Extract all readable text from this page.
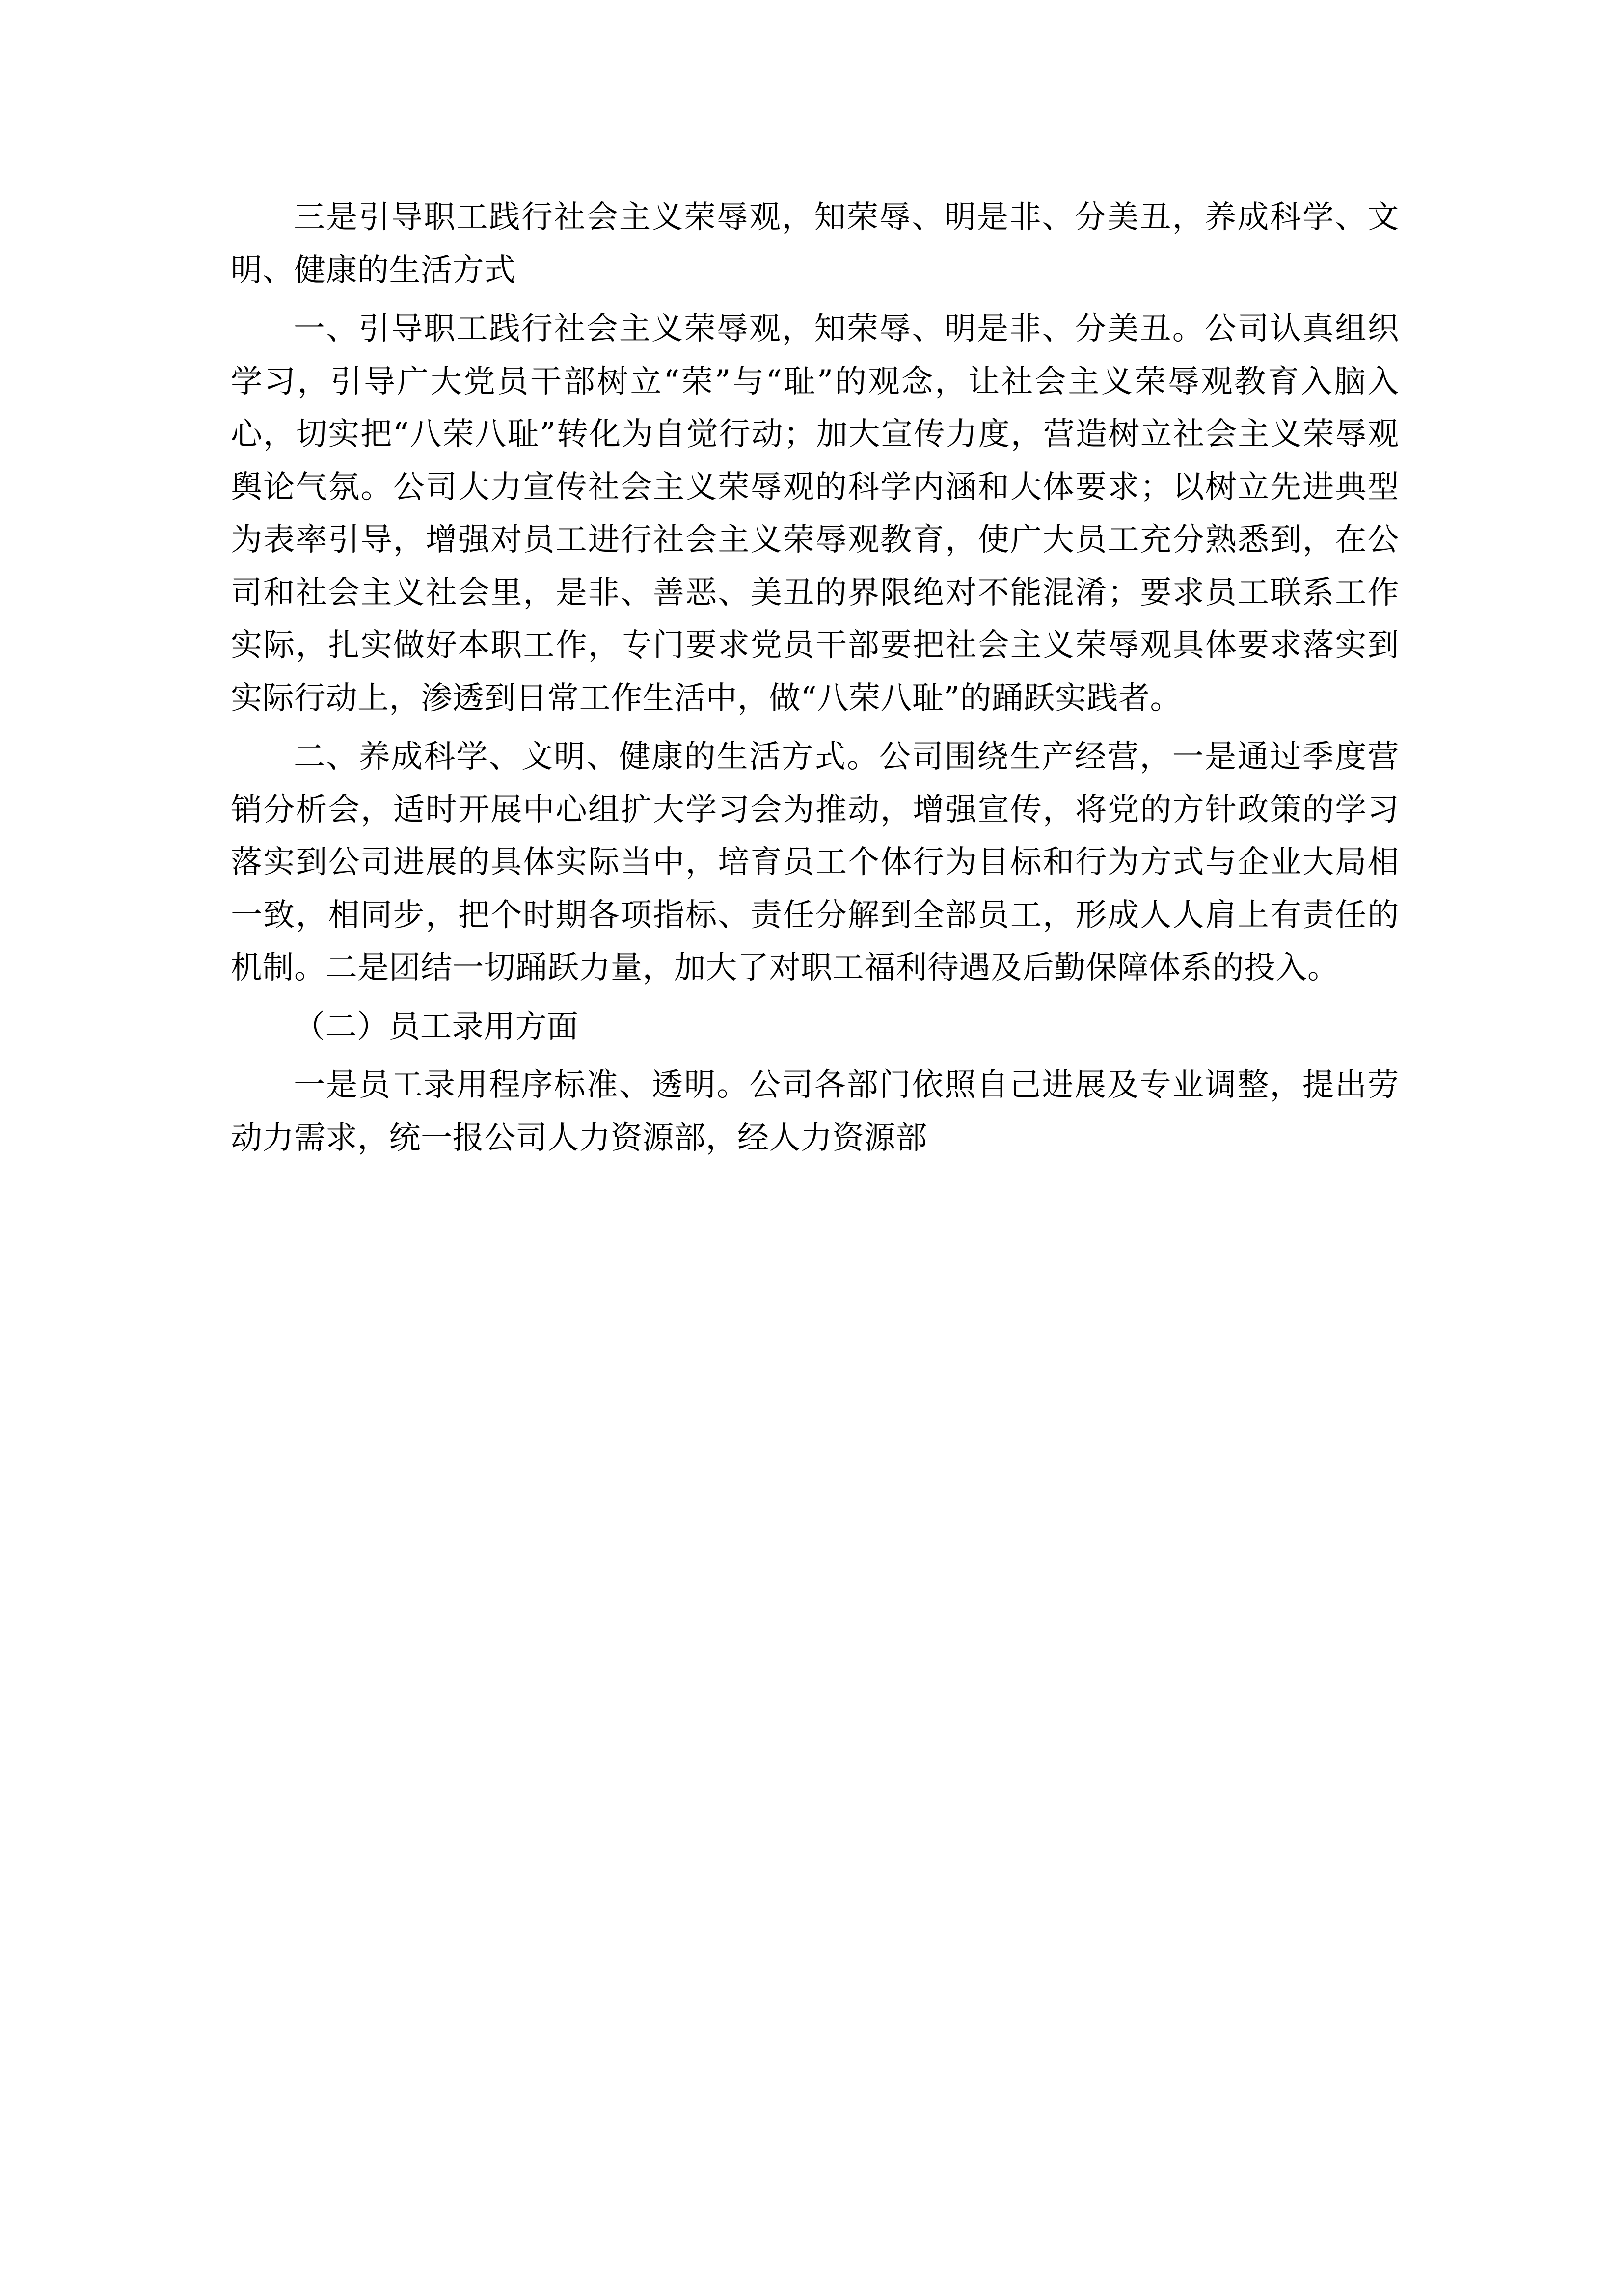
三是引导职工践行社会主义荣辱观，知荣辱、明是非、分美丑，养成科学、文明、健康的生活方式

一、引导职工践行社会主义荣辱观，知荣辱、明是非、分美丑。公司认真组织学习，引导广大党员干部树立“荣”与“耻”的观念，让社会主义荣辱观教育入脑入心，切实把“八荣八耻”转化为自觉行动；加大宣传力度，营造树立社会主义荣辱观舆论气氛。公司大力宣传社会主义荣辱观的科学内涵和大体要求；以树立先进典型为表率引导，增强对员工进行社会主义荣辱观教育，使广大员工充分熟悉到，在公司和社会主义社会里，是非、善恶、美丑的界限绝对不能混淆；要求员工联系工作实际，扎实做好本职工作，专门要求党员干部要把社会主义荣辱观具体要求落实到实际行动上，渗透到日常工作生活中，做“八荣八耻”的踊跃实践者。

二、养成科学、文明、健康的生活方式。公司围绕生产经营，一是通过季度营销分析会，适时开展中心组扩大学习会为推动，增强宣传，将党的方针政策的学习落实到公司进展的具体实际当中，培育员工个体行为目标和行为方式与企业大局相一致，相同步，把个时期各项指标、责任分解到全部员工，形成人人肩上有责任的机制。二是团结一切踊跃力量，加大了对职工福利待遇及后勤保障体系的投入。

（二）员工录用方面

一是员工录用程序标准、透明。公司各部门依照自己进展及专业调整，提出劳动力需求，统一报公司人力资源部，经人力资源部
